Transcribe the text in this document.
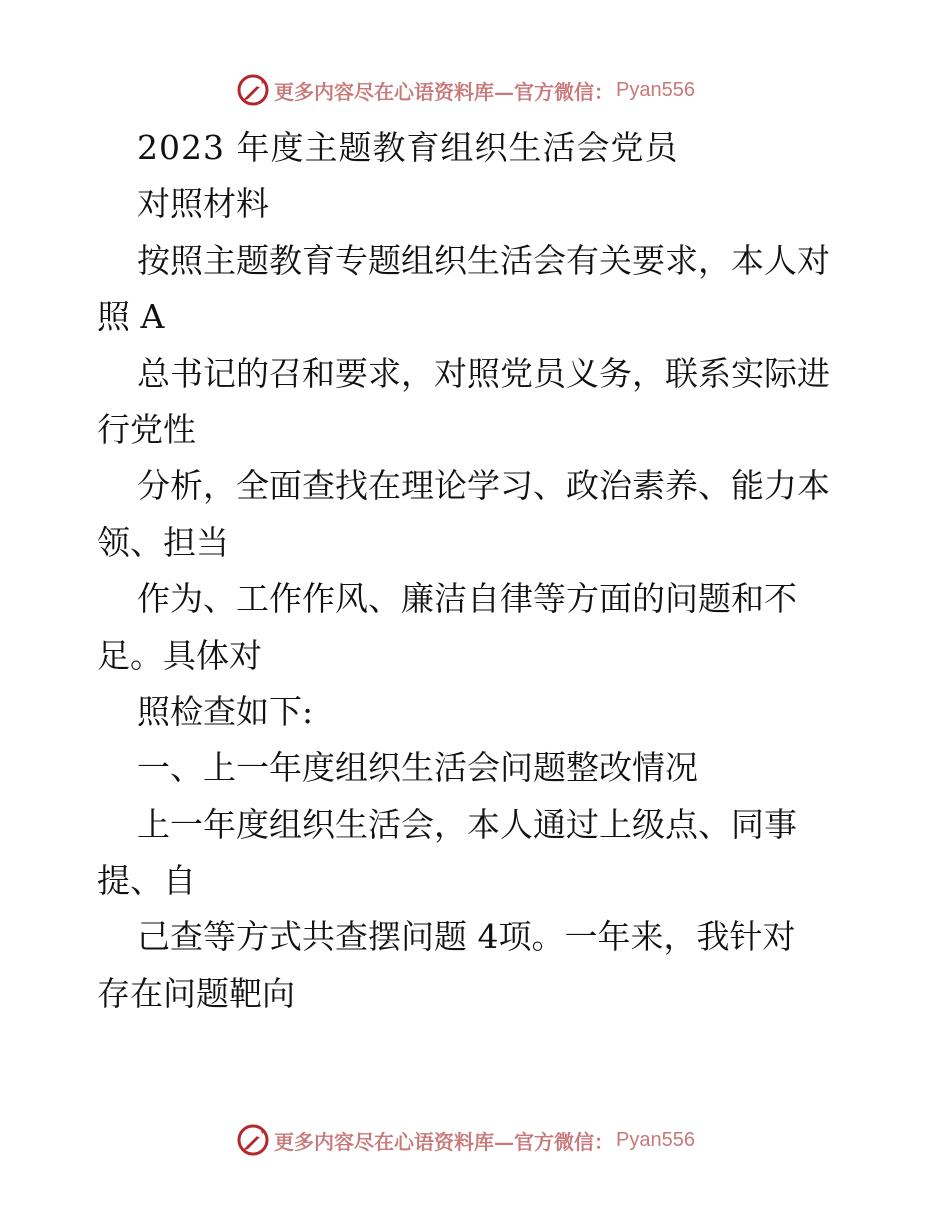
更多内容尽在心语资料库—官方微信： Pyan556
2023 年度主题教育组织生活会党员
对照材料
按照主题教育专题组织生活会有关要求，本人对
照 A
总书记的召和要求，对照党员义务，联系实际进
行党性
分析，全面查找在理论学习、政治素养、能力本
领、担当
作为、工作作风、廉洁自律等方面的问题和不
足。具体对
照检查如下:
一、上一年度组织生活会问题整改情况
上一年度组织生活会，本人通过上级点、同事
提、自
己查等方式共查摆问题 4项。一年来，我针对
存在问题靶向
更多内容尽在心语资料库—官方微信： Pyan556
